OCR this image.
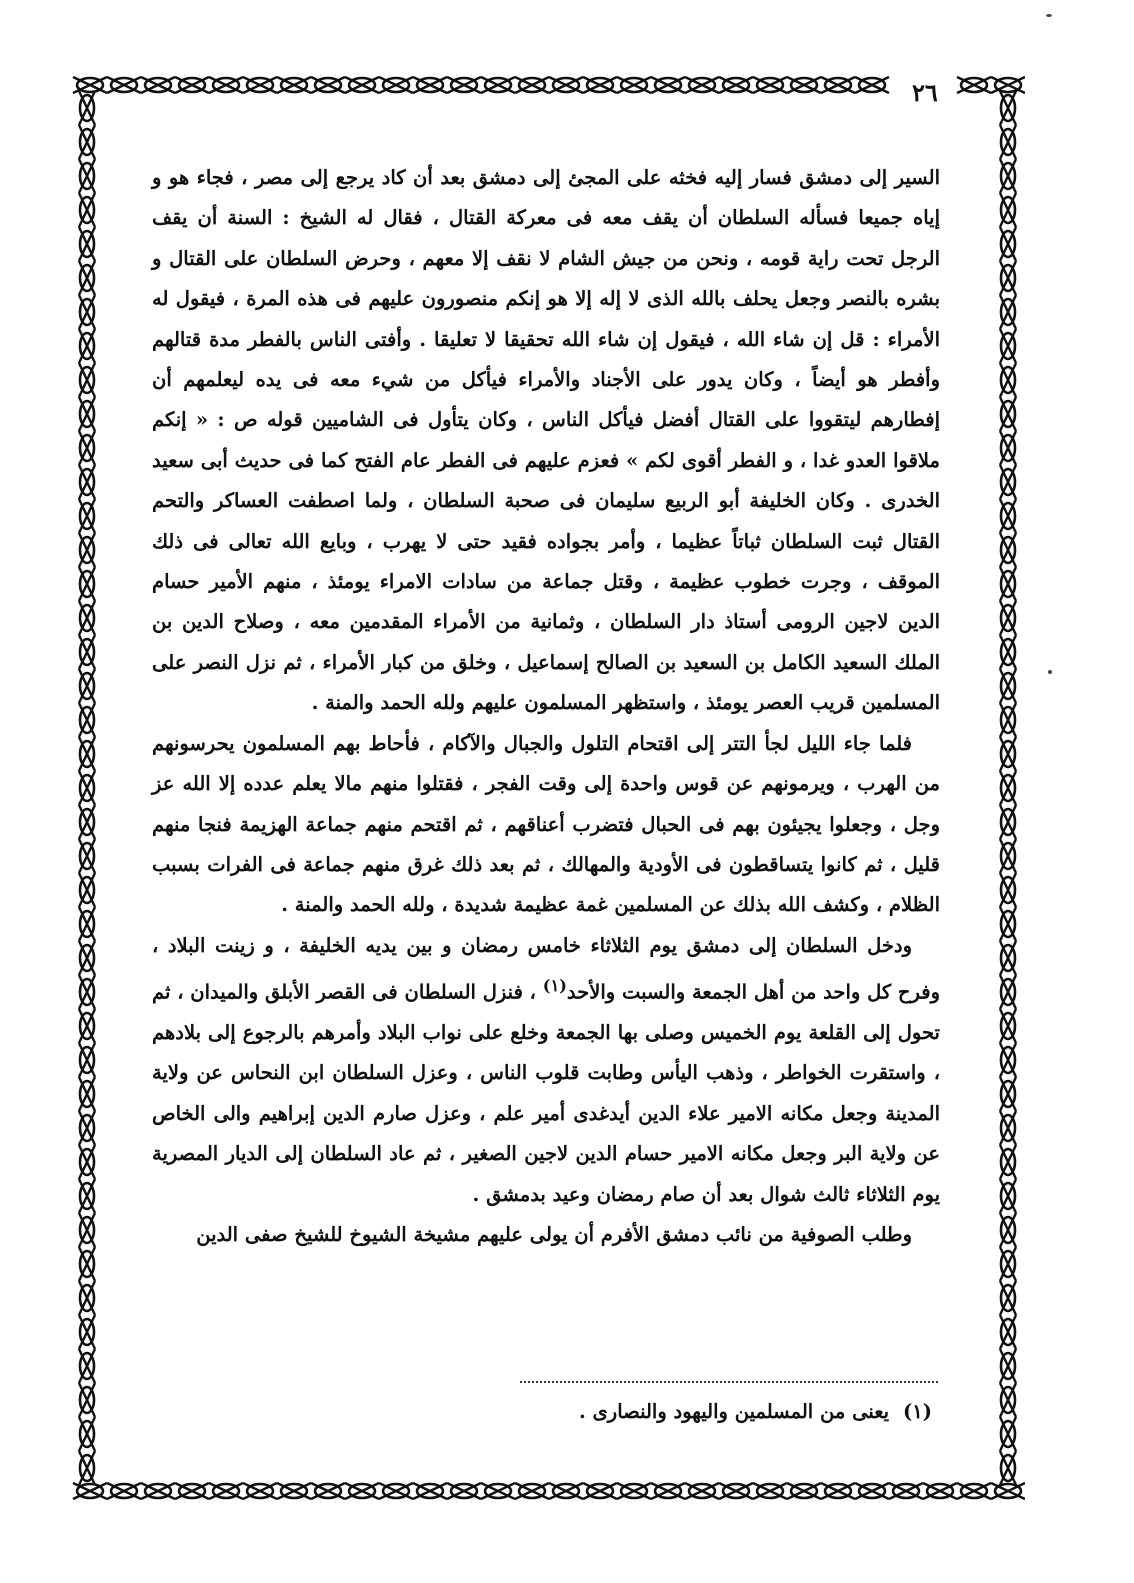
٢٦

السير إلى دمشق فسار إليه فخثه على المجئ إلى دمشق بعد أن كاد يرجع إلى مصر ، فجاء هو و إياه جميعا فسأله السلطان أن يقف معه فى معركة القتال ، فقال له الشيخ : السنة أن يقف الرجل تحت راية قومه ، ونحن من جيش الشام لا نقف إلا معهم ، وحرض السلطان على القتال و بشره بالنصر وجعل يحلف بالله الذى لا إله إلا هو إنكم منصورون عليهم فى هذه المرة ، فيقول له الأمراء : قل إن شاء الله ، فيقول إن شاء الله تحقيقا لا تعليقا . وأفتى الناس بالفطر مدة قتالهم وأفطر هو أيضاً ، وكان يدور على الأجناد والأمراء فيأكل من شيء معه فى يده ليعلمهم أن إفطارهم ليتقووا على القتال أفضل فيأكل الناس ، وكان يتأول فى الشاميين قوله ص : « إنكم ملاقوا العدو غدا ، و الفطر أقوى لكم » فعزم عليهم فى الفطر عام الفتح كما فى حديث أبى سعيد الخدرى . وكان الخليفة أبو الربيع سليمان فى صحبة السلطان ، ولما اصطفت العساكر والتحم القتال ثبت السلطان ثباتاً عظيما ، وأمر بجواده فقيد حتى لا يهرب ، وبايع الله تعالى فى ذلك الموقف ، وجرت خطوب عظيمة ، وقتل جماعة من سادات الامراء يومئذ ، منهم الأمير حسام الدين لاجين الرومى أستاذ دار السلطان ، وثمانية من الأمراء المقدمين معه ، وصلاح الدين بن الملك السعيد الكامل بن السعيد بن الصالح إسماعيل ، وخلق من كبار الأمراء ، ثم نزل النصر على المسلمين قريب العصر يومئذ ، واستظهر المسلمون عليهم ولله الحمد والمنة .

فلما جاء الليل لجأ التتر إلى اقتحام التلول والجبال والآكام ، فأحاط بهم المسلمون يحرسونهم من الهرب ، ويرمونهم عن قوس واحدة إلى وقت الفجر ، فقتلوا منهم مالا يعلم عدده إلا الله عز وجل ، وجعلوا يجيئون بهم فى الحبال فتضرب أعناقهم ، ثم اقتحم منهم جماعة الهزيمة فنجا منهم قليل ، ثم كانوا يتساقطون فى الأودية والمهالك ، ثم بعد ذلك غرق منهم جماعة فى الفرات بسبب الظلام ، وكشف الله بذلك عن المسلمين غمة عظيمة شديدة ، ولله الحمد والمنة .

ودخل السلطان إلى دمشق يوم الثلاثاء خامس رمضان و بين يديه الخليفة ، و زينت البلاد ، وفرح كل واحد من أهل الجمعة والسبت والأحد$^{(١)}$ ، فنزل السلطان فى القصر الأبلق والميدان ، ثم تحول إلى القلعة يوم الخميس وصلى بها الجمعة وخلع على نواب البلاد وأمرهم بالرجوع إلى بلادهم ، واستقرت الخواطر ، وذهب اليأس وطابت قلوب الناس ، وعزل السلطان ابن النحاس عن ولاية المدينة وجعل مكانه الامير علاء الدين أيدغدى أمير علم ، وعزل صارم الدين إبراهيم والى الخاص عن ولاية البر وجعل مكانه الامير حسام الدين لاجين الصغير ، ثم عاد السلطان إلى الديار المصرية يوم الثلاثاء ثالث شوال بعد أن صام رمضان وعيد بدمشق .

وطلب الصوفية من نائب دمشق الأفرم أن يولى عليهم مشيخة الشيوخ للشيخ صفى الدين

(١)يعنى من المسلمين واليهود والنصارى .
